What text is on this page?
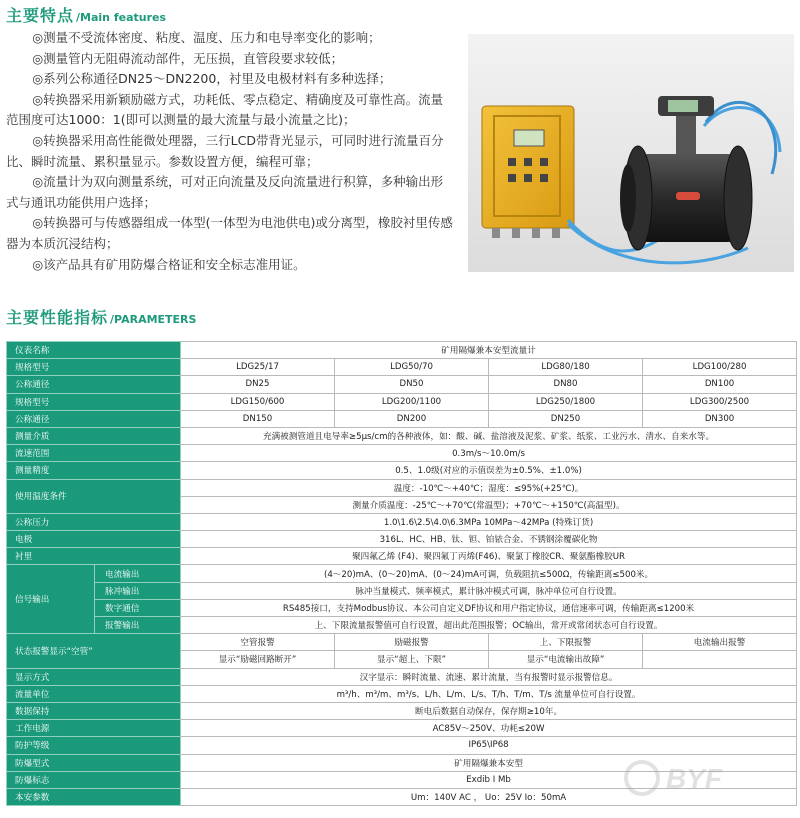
主要特点 /Main features

◎测量不受流体密度、粘度、温度、压力和电导率变化的影响；

◎测量管内无阻碍流动部件，无压损，直管段要求较低；

◎系列公称通径DN25～DN2200，衬里及电极材料有多种选择；

◎转换器采用新颖励磁方式，功耗低、零点稳定、精确度及可靠性高。流量范围度可达1000：1(即可以测量的最大流量与最小流量之比)；

◎转换器采用高性能微处理器，三行LCD带背光显示，可同时进行流量百分比、瞬时流量、累积量显示。参数设置方便，编程可靠；

◎流量计为双向测量系统，可对正向流量及反向流量进行积算，多种输出形式与通讯功能供用户选择；

◎转换器可与传感器组成一体型(一体型为电池供电)或分离型，橡胶衬里传感器为本质沉浸结构；

◎该产品具有矿用防爆合格证和安全标志准用证。

主要性能指标 /PARAMETERS
仪表名称		矿用隔爆兼本安型流量计			
规格型号		LDG25/17	LDG50/70	LDG80/180	LDG100/280
公称通径		DN25	DN50	DN80	DN100
规格型号		LDG150/600	LDG200/1100	LDG250/1800	LDG300/2500
公称通径		DN150	DN200	DN250	DN300
测量介质		充满被测管道且电导率≥5μs/cm的各种液体，如：酸、碱、盐溶液及泥浆、矿浆、纸浆、工业污水、清水、自来水等。			
流速范围		0.3m/s～10.0m/s			
测量精度		0.5、1.0级(对应的示值误差为±0.5%、±1.0%)			
使用温度条件		温度：-10℃～+40℃；湿度：≤95%(+25℃)。			
		测量介质温度：-25℃～+70℃(常温型)；+70℃～+150℃(高温型)。			
公称压力		1.0\1.6\2.5\4.0\6.3MPa 10MPa～42MPa (特殊订货)			
电极		316L、HC、HB、钛、钽、铂铱合金、不锈钢涂覆碳化物			
衬里		聚四氟乙烯 (F4)、聚四氟丁丙烯(F46)、聚氯丁橡胶CR、聚氨酯橡胶UR			
信号输出	电流输出	(4～20)mA、(0～20)mA、(0～24)mA可调，负载阻抗≤500Ω，传输距离≤500米。			
	脉冲输出	脉冲当量模式、频率模式，累计脉冲模式可调，脉冲单位可自行设置。			
	数字通信	RS485接口，支持Modbus协议、本公司自定义DF协议和用户指定协议，通信速率可调，传输距离≤1200米			
	报警输出	上、下限流量报警值可自行设置，超出此范围报警；OC输出，常开或常闭状态可自行设置。			
状态报警显示“空管”		空管报警	励磁报警	上、下限报警	电流输出报警
		显示“励磁回路断开”	显示“超上、下限”	显示“电流输出故障”	
显示方式		汉字显示：瞬时流量、流速、累计流量，当有报警时显示报警信息。			
流量单位		m³/h、m³/m、m³/s、L/h、L/m、L/s、T/h、T/m、T/s 流量单位可自行设置。			
数据保持		断电后数据自动保存，保存期≥10年。			
工作电源		AC85V～250V、功耗≤20W			
防护等级		IP65\IP68			
防爆型式		矿用隔爆兼本安型			
防爆标志		Exdib I Mb			
本安参数		Um：140V AC ， Uo：25V Io：50mA			
BYF
